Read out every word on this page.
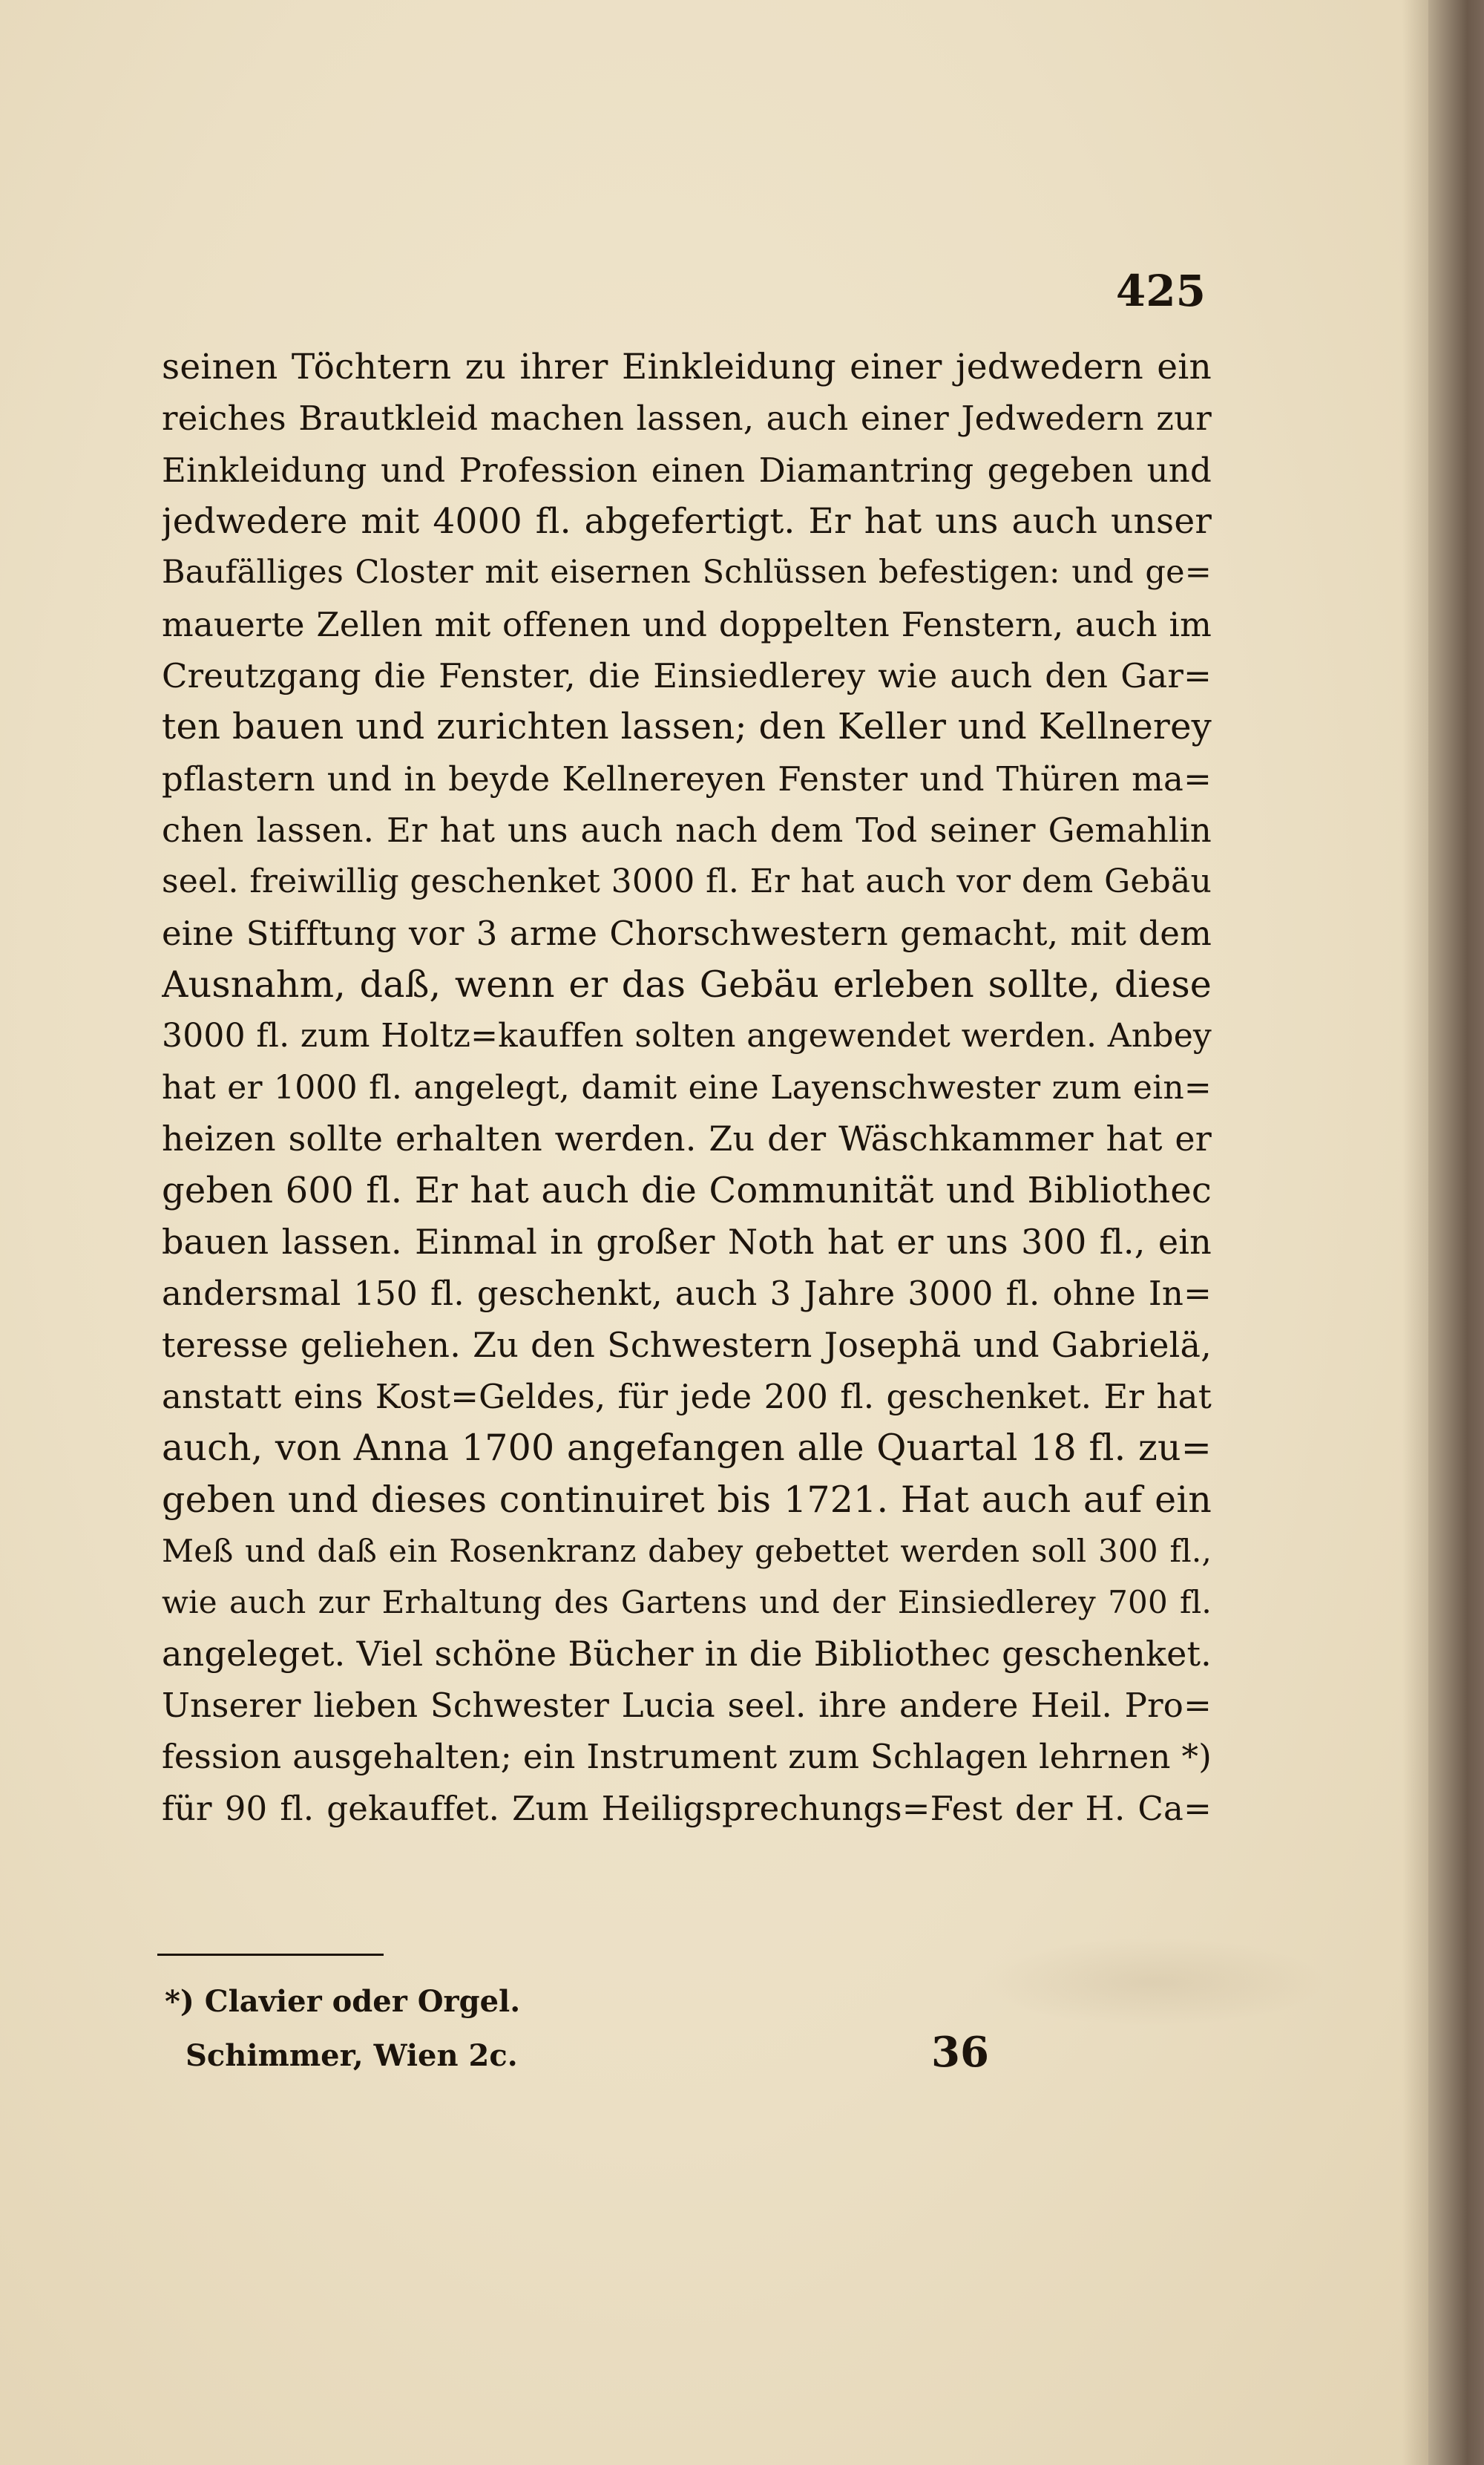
425
seinen Töchtern zu ihrer Einkleidung einer jedwedern ein
reiches Brautkleid machen lassen, auch einer Jedwedern zur
Einkleidung und Profession einen Diamantring gegeben und
jedwedere mit 4000 fl. abgefertigt. Er hat uns auch unser
Baufälliges Closter mit eisernen Schlüssen befestigen: und ge=
mauerte Zellen mit offenen und doppelten Fenstern, auch im
Creutzgang die Fenster, die Einsiedlerey wie auch den Gar=
ten bauen und zurichten lassen; den Keller und Kellnerey
pflastern und in beyde Kellnereyen Fenster und Thüren ma=
chen lassen. Er hat uns auch nach dem Tod seiner Gemahlin
seel. freiwillig geschenket 3000 fl. Er hat auch vor dem Gebäu
eine Stifftung vor 3 arme Chorschwestern gemacht, mit dem
Ausnahm, daß, wenn er das Gebäu erleben sollte, diese
3000 fl. zum Holtz=kauffen solten angewendet werden. Anbey
hat er 1000 fl. angelegt, damit eine Layenschwester zum ein=
heizen sollte erhalten werden. Zu der Wäschkammer hat er
geben 600 fl. Er hat auch die Communität und Bibliothec
bauen lassen. Einmal in großer Noth hat er uns 300 fl., ein
andersmal 150 fl. geschenkt, auch 3 Jahre 3000 fl. ohne In=
teresse geliehen. Zu den Schwestern Josephä und Gabrielä,
anstatt eins Kost=Geldes, für jede 200 fl. geschenket. Er hat
auch, von Anna 1700 angefangen alle Quartal 18 fl. zu=
geben und dieses continuiret bis 1721. Hat auch auf ein
Meß und daß ein Rosenkranz dabey gebettet werden soll 300 fl.,
wie auch zur Erhaltung des Gartens und der Einsiedlerey 700 fl.
angeleget. Viel schöne Bücher in die Bibliothec geschenket.
Unserer lieben Schwester Lucia seel. ihre andere Heil. Pro=
fession ausgehalten; ein Instrument zum Schlagen lehrnen *)
für 90 fl. gekauffet. Zum Heiligsprechungs=Fest der H. Ca=
*) Clavier oder Orgel.
Schimmer, Wien 2c.	36
